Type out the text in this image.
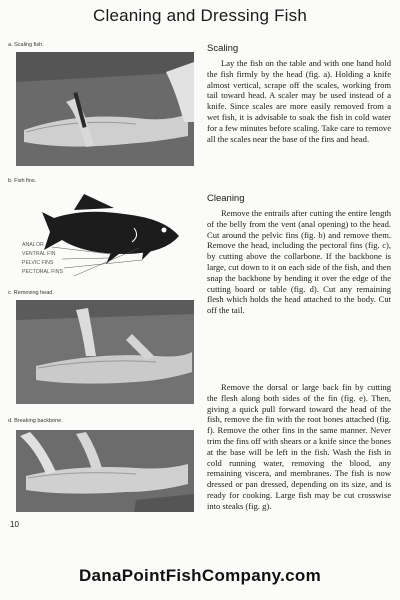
Cleaning and Dressing Fish
a. Scaling fish.
b. Fish fins.
ANAL OR
VENTRAL FIN
PELVIC FINS
PECTORAL FINS
c. Removing head.
d. Breaking backbone.
10
Scaling

Lay the fish on the table and with one hand hold the fish firmly by the head (fig. a). Holding a knife almost vertical, scrape off the scales, working from tail toward head. A scaler may be used instead of a knife. Since scales are more easily removed from a wet fish, it is advisable to soak the fish in cold water for a few minutes before scaling. Take care to remove all the scales near the base of the fins and head.

Cleaning

Remove the entrails after cutting the entire length of the belly from the vent (anal opening) to the head. Cut around the pelvic fins (fig. b) and remove them. Remove the head, including the pectoral fins (fig. c), by cutting above the collarbone. If the backbone is large, cut down to it on each side of the fish, and then snap the backbone by bending it over the edge of the cutting board or table (fig. d). Cut any remaining flesh which holds the head attached to the body. Cut off the tail.

Remove the dorsal or large back fin by cutting the flesh along both sides of the fin (fig. e). Then, giving a quick pull forward toward the head of the fish, remove the fin with the root bones attached (fig. f). Remove the other fins in the same manner. Never trim the fins off with shears or a knife since the bones at the base will be left in the fish. Wash the fish in cold running water, removing the blood, any remaining viscera, and membranes. The fish is now dressed or pan dressed, depending on its size, and is ready for cooking. Large fish may be cut crosswise into steaks (fig. g).

DanaPointFishCompany.com
